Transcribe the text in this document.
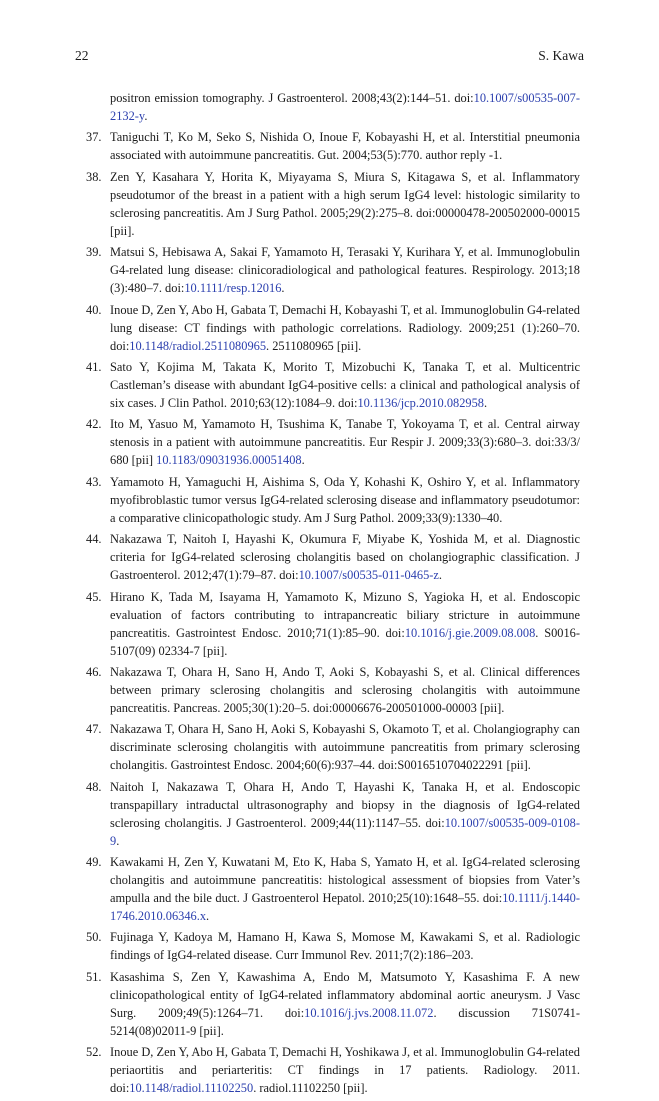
22	S. Kawa
positron emission tomography. J Gastroenterol. 2008;43(2):144–51. doi:10.1007/s00535-007-2132-y.
37. Taniguchi T, Ko M, Seko S, Nishida O, Inoue F, Kobayashi H, et al. Interstitial pneumonia associated with autoimmune pancreatitis. Gut. 2004;53(5):770. author reply -1.
38. Zen Y, Kasahara Y, Horita K, Miyayama S, Miura S, Kitagawa S, et al. Inflammatory pseudotumor of the breast in a patient with a high serum IgG4 level: histologic similarity to sclerosing pancreatitis. Am J Surg Pathol. 2005;29(2):275–8. doi:00000478-200502000-00015 [pii].
39. Matsui S, Hebisawa A, Sakai F, Yamamoto H, Terasaki Y, Kurihara Y, et al. Immunoglobulin G4-related lung disease: clinicoradiological and pathological features. Respirology. 2013;18 (3):480–7. doi:10.1111/resp.12016.
40. Inoue D, Zen Y, Abo H, Gabata T, Demachi H, Kobayashi T, et al. Immunoglobulin G4-related lung disease: CT findings with pathologic correlations. Radiology. 2009;251 (1):260–70. doi:10.1148/radiol.2511080965. 2511080965 [pii].
41. Sato Y, Kojima M, Takata K, Morito T, Mizobuchi K, Tanaka T, et al. Multicentric Castleman’s disease with abundant IgG4-positive cells: a clinical and pathological analysis of six cases. J Clin Pathol. 2010;63(12):1084–9. doi:10.1136/jcp.2010.082958.
42. Ito M, Yasuo M, Yamamoto H, Tsushima K, Tanabe T, Yokoyama T, et al. Central airway stenosis in a patient with autoimmune pancreatitis. Eur Respir J. 2009;33(3):680–3. doi:33/3/ 680 [pii] 10.1183/09031936.00051408.
43. Yamamoto H, Yamaguchi H, Aishima S, Oda Y, Kohashi K, Oshiro Y, et al. Inflammatory myofibroblastic tumor versus IgG4-related sclerosing disease and inflammatory pseudotumor: a comparative clinicopathologic study. Am J Surg Pathol. 2009;33(9):1330–40.
44. Nakazawa T, Naitoh I, Hayashi K, Okumura F, Miyabe K, Yoshida M, et al. Diagnostic criteria for IgG4-related sclerosing cholangitis based on cholangiographic classification. J Gastroenterol. 2012;47(1):79–87. doi:10.1007/s00535-011-0465-z.
45. Hirano K, Tada M, Isayama H, Yamamoto K, Mizuno S, Yagioka H, et al. Endoscopic evaluation of factors contributing to intrapancreatic biliary stricture in autoimmune pancreatitis. Gastrointest Endosc. 2010;71(1):85–90. doi:10.1016/j.gie.2009.08.008. S0016-5107(09) 02334-7 [pii].
46. Nakazawa T, Ohara H, Sano H, Ando T, Aoki S, Kobayashi S, et al. Clinical differences between primary sclerosing cholangitis and sclerosing cholangitis with autoimmune pancreatitis. Pancreas. 2005;30(1):20–5. doi:00006676-200501000-00003 [pii].
47. Nakazawa T, Ohara H, Sano H, Aoki S, Kobayashi S, Okamoto T, et al. Cholangiography can discriminate sclerosing cholangitis with autoimmune pancreatitis from primary sclerosing cholangitis. Gastrointest Endosc. 2004;60(6):937–44. doi:S0016510704022291 [pii].
48. Naitoh I, Nakazawa T, Ohara H, Ando T, Hayashi K, Tanaka H, et al. Endoscopic transpapillary intraductal ultrasonography and biopsy in the diagnosis of IgG4-related sclerosing cholangitis. J Gastroenterol. 2009;44(11):1147–55. doi:10.1007/s00535-009-0108-9.
49. Kawakami H, Zen Y, Kuwatani M, Eto K, Haba S, Yamato H, et al. IgG4-related sclerosing cholangitis and autoimmune pancreatitis: histological assessment of biopsies from Vater’s ampulla and the bile duct. J Gastroenterol Hepatol. 2010;25(10):1648–55. doi:10.1111/j.1440-1746.2010.06346.x.
50. Fujinaga Y, Kadoya M, Hamano H, Kawa S, Momose M, Kawakami S, et al. Radiologic findings of IgG4-related disease. Curr Immunol Rev. 2011;7(2):186–203.
51. Kasashima S, Zen Y, Kawashima A, Endo M, Matsumoto Y, Kasashima F. A new clinicopathological entity of IgG4-related inflammatory abdominal aortic aneurysm. J Vasc Surg. 2009;49(5):1264–71. doi:10.1016/j.jvs.2008.11.072. discussion 71S0741-5214(08)02011-9 [pii].
52. Inoue D, Zen Y, Abo H, Gabata T, Demachi H, Yoshikawa J, et al. Immunoglobulin G4-related periaortitis and periarteritis: CT findings in 17 patients. Radiology. 2011. doi:10.1148/radiol.11102250. radiol.11102250 [pii].
